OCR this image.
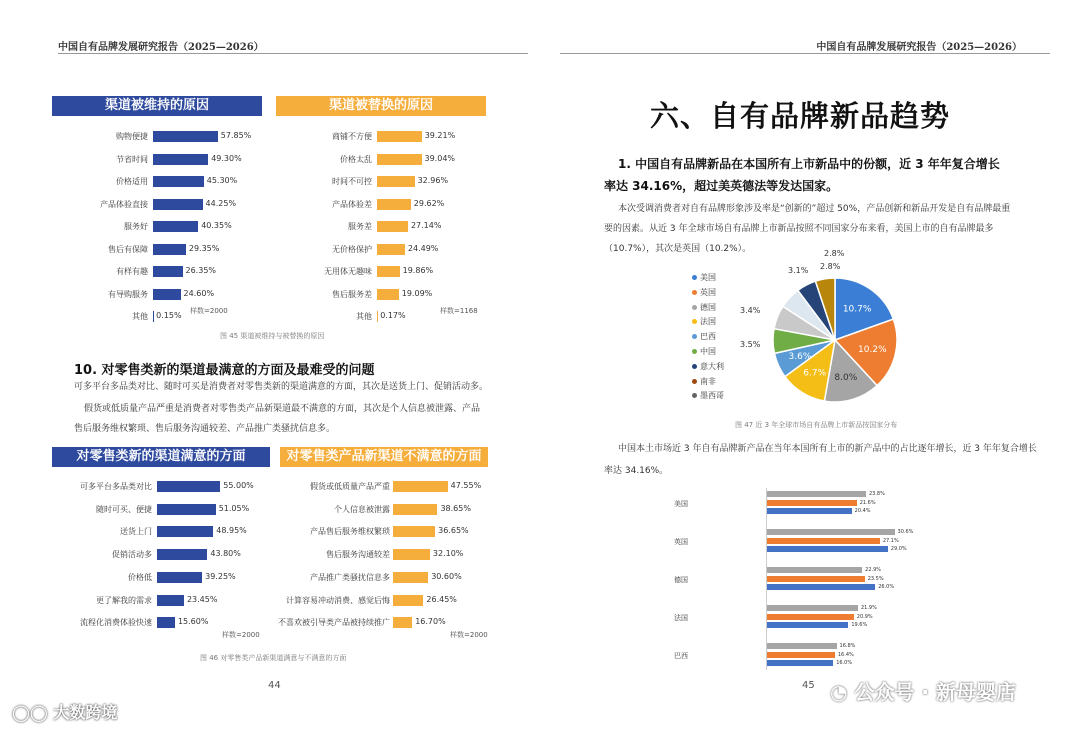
中国自有品牌发展研究报告（2025—2026）
渠道被维持的原因	渠道被替换的原因
购物便捷	57.85%
节省时间	49.30%
价格适用	45.30%
产品体验直接	44.25%
服务好	40.35%
售后有保障	29.35%
有样有趣	26.35%
有导购服务	24.60%
其他 0.15%
商铺不方便	39.21%
价格太乱	39.04%
时间不可控	32.96%
产品体验差	29.62%
服务差	27.14%
无价格保护	24.49%
无用体无趣味	19.86%
售后服务差	19.09%
其他 0.17%
样数=2000	样数=1168
图 45 渠道被维持与被替换的原因
10. 对零售类新的渠道最满意的方面及最难受的问题
可多平台多品类对比、随时可买是消费者对零售类新的渠道满意的方面，其次是送货上门、促销活动多。
假货或低质量产品严重是消费者对零售类产品新渠道最不满意的方面，其次是个人信息被泄露、产品
售后服务维权繁琐、售后服务沟通较差、产品推广类骚扰信息多。
对零售类新的渠道满意的方面	对零售类产品新渠道不满意的方面
可多平台多品类对比	55.00%
随时可买、便捷	51.05%
送货上门	48.95%
促销活动多	43.80%
价格低	39.25%
更了解我的需求	23.45%
流程化消费体验快速	15.60%
假货或低质量产品严重	47.55%
个人信息被泄露	38.65%
产品售后服务维权繁琐	36.65%
售后服务沟通较差	32.10%
产品推广类骚扰信息多	30.60%
计算容易冲动消费、感觉后悔	26.45%
不喜欢被引导类产品被持续推广	16.70%
样数=2000	样数=2000
图 46 对零售类产品新渠道满意与不满意的方面
44
◯◯ 大数跨境
中国自有品牌发展研究报告（2025—2026）
六、自有品牌新品趋势
1. 中国自有品牌新品在本国所有上市新品中的份额，近 3 年年复合增长
率达 34.16%，超过美英德法等发达国家。
本次受调消费者对自有品牌形象涉及率是“创新的”超过 50%，产品创新和新品开发是自有品牌最重
要的因素。从近 3 年全球市场自有品牌上市新品按照不同国家分布来看，美国上市的自有品牌最多
（10.7%），其次是英国（10.2%）。
美国
英国
德国
法国
巴西
中国
意大利
南非
墨西哥
10.7%
10.2%
8.0%
6.7%
3.6%
3.1%
3.4%
3.5%
2.8%
2.8%
图 47 近 3 年全球市场自有品牌上市新品按国家分布
中国本土市场近 3 年自有品牌新产品在当年本国所有上市的新产品中的占比逐年增长，近 3 年年复合增长
率达 34.16%。
美国
23.8%
21.6%
20.4%
英国
30.6%
27.1%
29.0%
德国
22.9%
23.5%
26.0%
法国
21.9%
20.9%
19.6%
巴西
16.8%
16.4%
16.0%
45 ◔ 公众号 · 新母婴店
